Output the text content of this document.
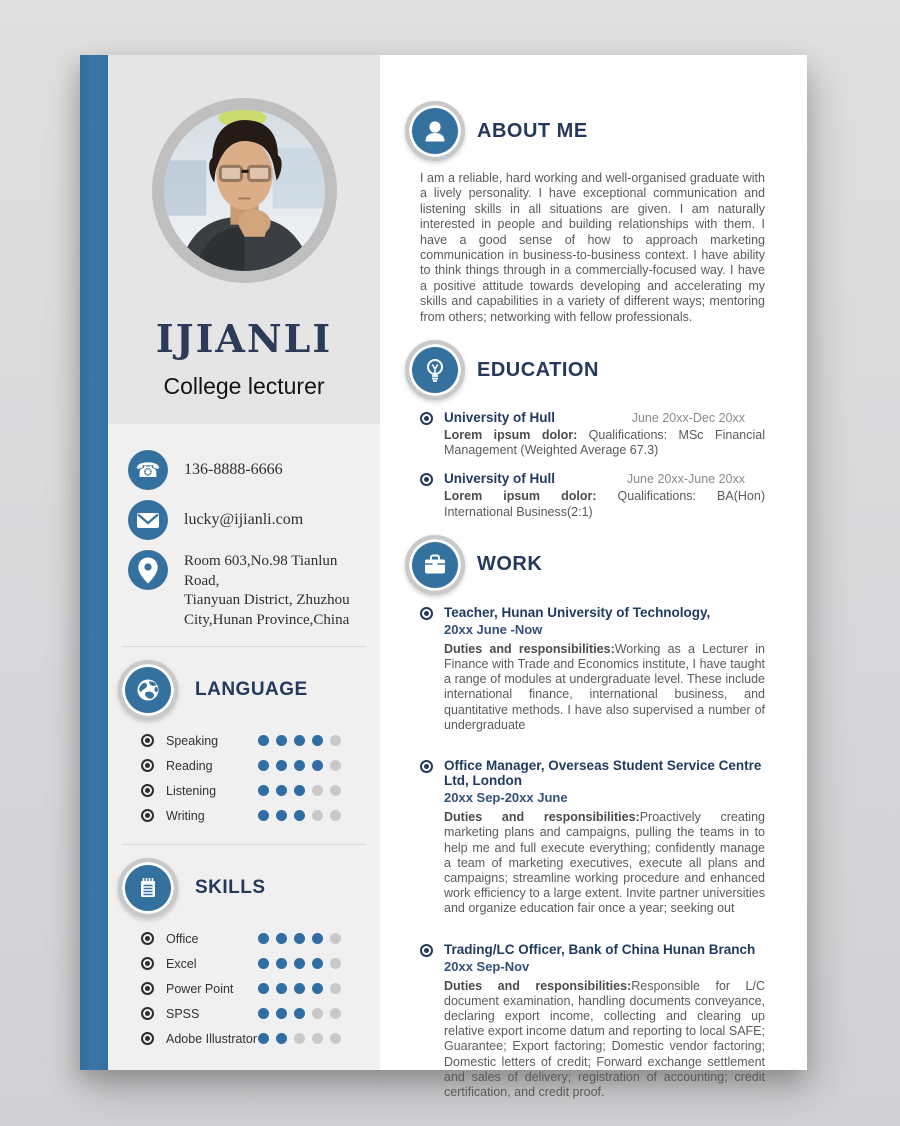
IJIANLI
College lecturer
☎	136-8888-6666
lucky@ijianli.com
Room 603,No.98 Tianlun Road,
Tianyuan District, Zhuzhou
City,Hunan Province,China

LANGUAGE
Speaking
Reading
Listening
Writing
SKILLS
Office
Excel
Power Point
SPSS
Adobe Illustrator
ABOUT ME

I am a reliable, hard working and well-organised graduate with a lively personality. I have exceptional communication and listening skills in all situations are given. I am naturally interested in people and building relationships with them. I have a good sense of how to approach marketing communication in business-to-business context. I have ability to think things through in a commercially-focused way. I have a positive attitude towards developing and accelerating my skills and capabilities in a variety of different ways; mentoring from others; networking with fellow professionals.

EDUCATION
University of Hull	June 20xx-Dec 20xx

Lorem ipsum dolor: Qualifications: MSc Financial Management (Weighted Average 67.3)

University of Hull	June 20xx-June 20xx

Lorem ipsum dolor: Qualifications: BA(Hon) International Business(2:1)

WORK
Teacher, Hunan University of Technology,
20xx June -Now

Duties and responsibilities:Working as a Lecturer in Finance with Trade and Economics institute, I have taught a range of modules at undergraduate level. These include international finance, international business, and quantitative methods. I have also supervised a number of undergraduate

Office Manager, Overseas Student Service Centre Ltd, London
20xx Sep-20xx June

Duties and responsibilities:Proactively creating marketing plans and campaigns, pulling the teams in to help me and full execute everything; confidently manage a team of marketing executives, execute all plans and campaigns; streamline working procedure and enhanced work efficiency to a large extent. Invite partner universities and organize education fair once a year; seeking out

Trading/LC Officer, Bank of China Hunan Branch
20xx Sep-Nov

Duties and responsibilities:Responsible for L/C document examination, handling documents conveyance, declaring export income, collecting and clearing up relative export income datum and reporting to local SAFE; Guarantee; Export factoring; Domestic vendor factoring; Domestic letters of credit; Forward exchange settlement and sales of delivery; registration of accounting; credit certification, and credit proof.
